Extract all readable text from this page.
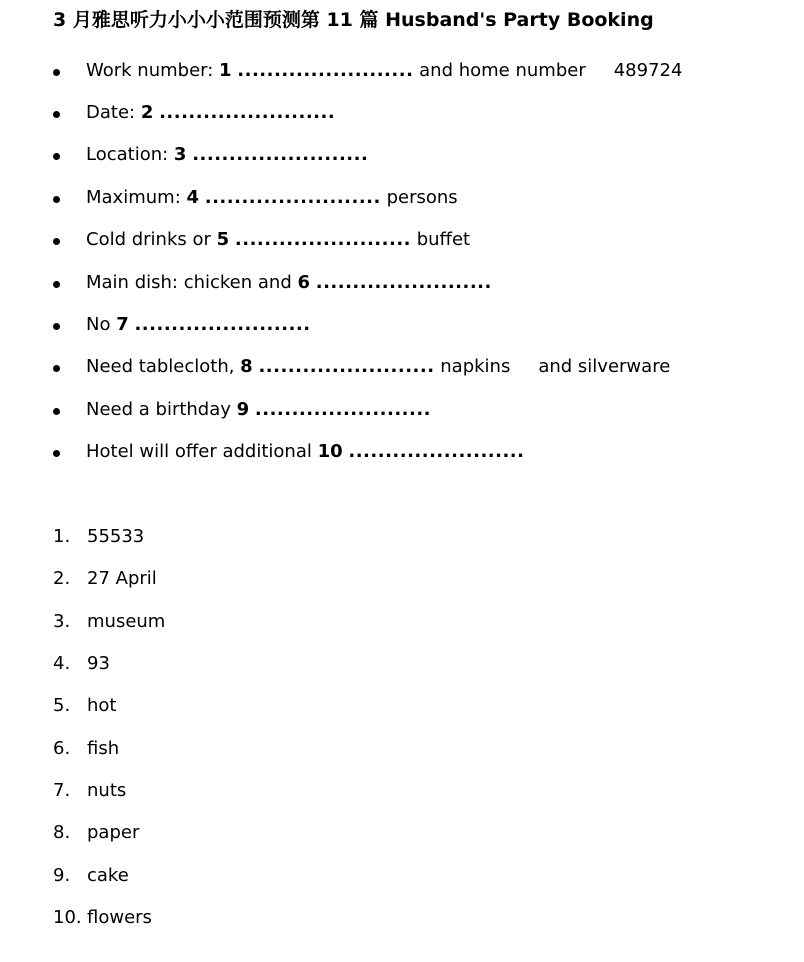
3 月雅思听力小小小范围预测第 11 篇 Husband's Party Booking
Work number: 1 ........................ and home number 489724
Date: 2 ........................
Location: 3 ........................
Maximum: 4 ........................ persons
Cold drinks or 5 ........................ buffet
Main dish: chicken and 6 ........................
No 7 ........................
Need tablecloth, 8 ........................ napkins and silverware
Need a birthday 9 ........................
Hotel will offer additional 10 ........................
1. 55533
2. 27 April
3. museum
4. 93
5. hot
6. fish
7. nuts
8. paper
9. cake
10. flowers
